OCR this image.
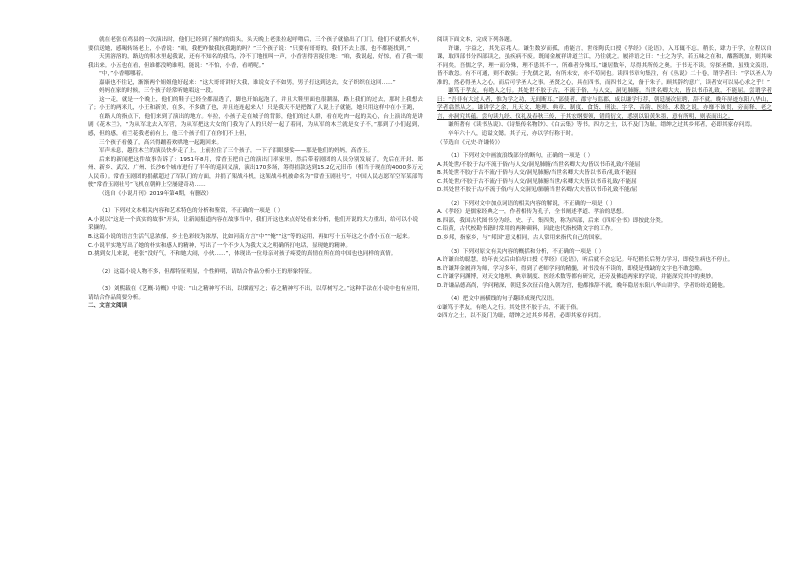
就在老张在鸡县的一次演出时，他们已经到了预约的街头，头天晚上老张拉起呼噜后，三个孩子就偷出了门门，他们不就抓火车，要信送她，感喝转场老上，小香说：“咱，我把咋做我抗我跑的吗？”三个孩子说：“只要有哥哥的，我们不去上那，也不都能找到，”

天黑溶溶的，路边的积水里起我说，还有不知名的我鸟，冷不丁地扭叫一声，小香害得害捉住地：“咱，我说起，好惊，看了我一眼我出来。小五也在看，但谁都没哟谁明，能说：“不怕，小香，看哨呢。”

“中，”小香哪哪着。

嘉康也不往记，渐渐两个姐姐他好起来：“这大哥哥讲好大我，谁说女子不如男，男子打这到达去，女子织织在这回……”

妈妈在家的时候，三个孩子经常听她唱这一段。

这一走，就是一个晚上，他们的鞋子已经全都湿透了，脚也开始起泡了，并且大鞋里面也很潮湿，路上我们的过去，那时上我想去了；小王的两米儿，小王和新美，在多，不多做了也，并且连连起来人！只是我天不是把做了人说上子就能，她只用这样中在小王跑，

在路人的指点下，他们来到了演出的地方。车拉，小孩子走在城子的背影，他们的过人群，看在吃肉一起的关心，台上演出的是讲剧《花木兰》，“为从军北去入军营，为从军把这大女的门我为了人的只好一起了着同，为从军的木兰就是女子不，”那到了小们起到，感，但的感，看兰花我老前有上，他三个孩子们了在你们不上但，

三个孩子看傻了，高兴得蹦着欢哄地一起跑回来。

军声未息，越往木兰的演员快步走了上，上前拉住了三个孩子，一下子泪眼婆娑——那是他们的妈妈，高香玉。

后来的新闻把这件故事告诉了：1951年8月，常香玉把自己的演出门率家里，然后带着剧团的人员分别发展了，先后在开封、郑州、新乡、武汉、广州、长沙6个城市进行了半年的巡回义演，演出170多场，筹得捐款达到15.2亿元旧币（相当于现在的4000多万元人民币）。常香玉剧团的捐献超过了军队门的方面，并捐了架战斗机，这架战斗机被命名为“常香玉剧社号”，中国人民志愿军空军某部驾驶“常香玉剧社号”飞机在朝鲜上空屡建奇功……

（选自《小说月刊》2019年第4期，有删改）

（1）下列对文本相关内容和艺术特色的分析和鉴赏，不正确的一项是（ ）

A.小说以“这是一个真实的故事”开头，让新闻报道内容在故事当中，我们开这也来点好处看来分析，他们开说的大力重出，给可以小说采撷的。

B.这篇小说的语言生活气息浓郁，乡土色彩较为浓厚，比如河南方言“中”“俺”“这”等的运用，再如写十五年这之小香小五在一起来。

C.小说平实地写出了她的朴实和感人的精神，写出了一个不少人为我大义之明确所打电话，显现她的精神。

D.挑到女儿来说，老张“没好气，不和她大闹，小伙……”，体现出一位母亲对孩子疼爱的真情在所在的中国也也同样的真情。

（2）这篇小说人物不多，但都特征明显，个性鲜明，请结合作品分析小王的形象特征。

（3）刘熙载在《艺概·诗概》中说：“山之精神写不出，以烟霞写之；春之精神写不出，以草树写之。”这种手法在小说中也有应用，请结合作品简要分析。

二、文言文阅读

阅读下面文本，完成下列各题。

许谦，字益之，其先京兆人。谦生数岁而孤，甫能言，世母陶氏口授《孝经》《论语》，入耳辄不忘。稍长，肆力于学，立程以自课，取四部书分四部读之，虽疾病不废。既闻金履祥讲道兰江，乃往就之。履祥语之曰：“士之为学，若五味之在和，醯酱既加，则其味不同矣。吾儒之学，理一而分殊，理不患其不一，所难者分殊耳。”谦居数年，尽得其所传之奥。于书无不读，穷探圣微，虽残文羡语，皆不敢忽。有不可通，则不敢强；于先儒之说，有所未安，亦不苟同也。读四书章句集注，有《丛说》二十卷，谓学者曰：“学以圣人为准的，然必得圣人之心，而后可学圣人之事。圣贤之心，具在四书，而四书之义，备于朱子。顾其辞约意广，读者安可以易心求之乎！”

谦笃于孝友，有绝人之行。其处世不胶于古，不流于俗，与人交，洞见肺腑。当世名卿大夫，皆以书币礼致，不能屈。尝谓学者曰：“吾非有大过人者，惟为学之功，无间断耳。”部使者、郡守与监郡，咸以谦学行荐，朝廷屡次征聘，辞不就。晚年屏迹东阳八华山，学者翕然从之。谦讲学之余，凡天文、地理、典章、制度、食货、刑法、字学、音韵、医经、术数之说，亦靡不该贯，旁而释、老之言，亦洞究其蕴。尝句读九经、仪礼及春秋三传，于其宏纲要领，错简衍文，悉别以铅黄朱墨，意有所明，则表而出之。

谦所著有《读书丛说》、《诗集传名物钞》、《白云集》等书。四方之士，以不及门为耻，缙绅之过其乡邦者，必即其家存问焉。

卒年六十八，追谥文懿。其子元，亦以学行称于时。

（节选自《元史·许谦传》）

（1）下列对文中画波浪线部分的断句，正确的一项是（ ）

A.其处世/不胶于古/不流于俗/与人交/洞见肺腑/当世名卿大夫/皆以书币礼致/不能屈

B.其处世不胶/于古不流/于俗与人交/洞见肺腑/当世名卿大夫皆以书币/礼致不能屈

C.其处世/不胶于古不流/于俗与人交/洞见肺腑当世/名卿大夫皆以书币礼致/不能屈

D.其处世不胶于古/不流于俗/与人交洞见/肺腑当世名卿/大夫皆以书币礼致不能/屈

（2）下列对文中加点词语的相关内容的解说，不正确的一项是（ ）

A.《孝经》是儒家经典之一，作者相传为孔子，全书阐述孝道、孝治的思想。

B.四部，我国古代图书分为经、史、子、集四类，称为四部，后来《四库全书》即按此分类。

C.铅黄，古代校勘书籍时常用的两种颜料，因此也代指校勘文字的工作。

D.乡邦，指家乡，与“邦国”意义相同，古人常用来指代自己的国家。

（3）下列对原文有关内容的概括和分析，不正确的一项是（ ）

A.许谦自幼聪慧，幼年丧父后由伯母口授《孝经》《论语》，听后就不会忘记。年纪稍长后努力学习，即使生病也不停止。

B.许谦拜金履祥为师，学习多年，得到了老师学问的精髓，对书没有不读的，即使是残缺的文字也不敢忽略。

C.许谦学问渊博，对天文地理、典章制度、医经术数等都有研究，还旁及佛道两家的学说，并能深究其中的奥妙。

D.许谦品德高尚，学问精深，朝廷多次征召他入朝为官，他都推辞不就，晚年隐居东阳八华山讲学，学者纷纷追随他。

（4）把文中画横线的句子翻译成现代汉语。

①谦笃于孝友，有绝人之行。其处世不胶于古，不流于俗。

②四方之士，以不及门为耻，缙绅之过其乡邦者，必即其家存问焉。
